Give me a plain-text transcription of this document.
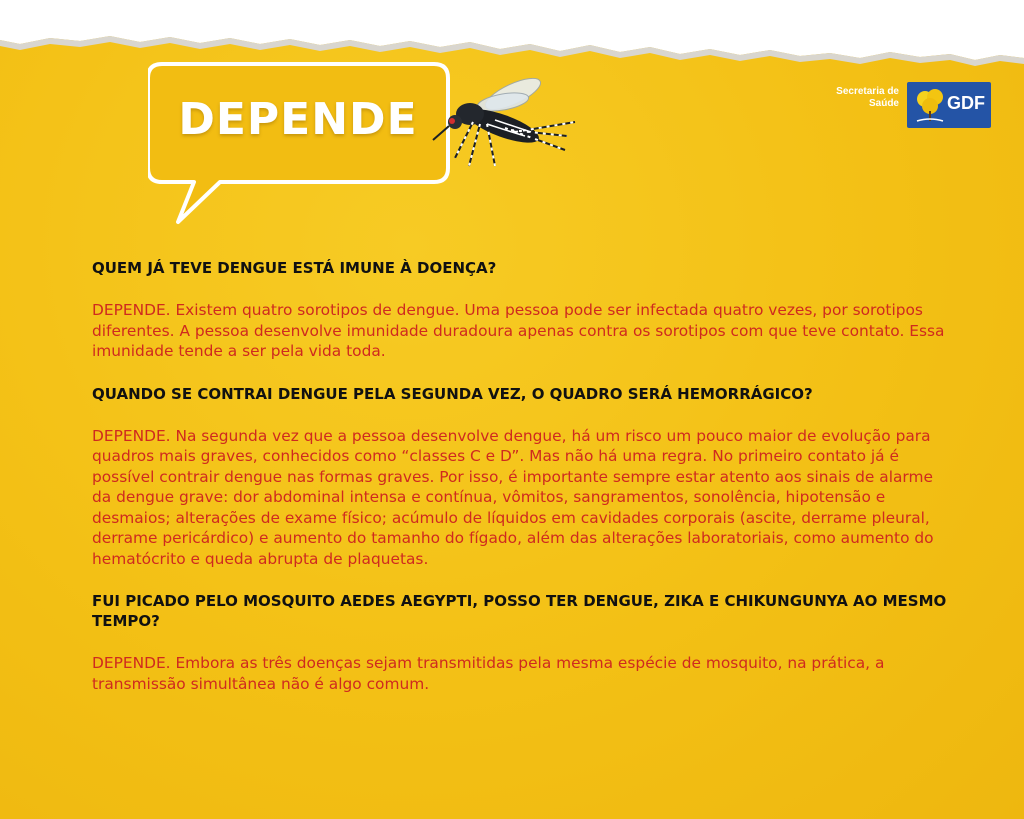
DEPENDE
Secretaria de Saúde	GDF

QUEM JÁ TEVE DENGUE ESTÁ IMUNE À DOENÇA?

DEPENDE. Existem quatro sorotipos de dengue. Uma pessoa pode ser infectada quatro vezes, por sorotipos diferentes. A pessoa desenvolve imunidade duradoura apenas contra os sorotipos com que teve contato. Essa imunidade tende a ser pela vida toda.

QUANDO SE CONTRAI DENGUE PELA SEGUNDA VEZ, O QUADRO SERÁ HEMORRÁGICO?

DEPENDE. Na segunda vez que a pessoa desenvolve dengue, há um risco um pouco maior de evolução para quadros mais graves, conhecidos como “classes C e D”. Mas não há uma regra. No primeiro contato já é possível contrair dengue nas formas graves. Por isso, é importante sempre estar atento aos sinais de alarme da dengue grave: dor abdominal intensa e contínua, vômitos, sangramentos, sonolência, hipotensão e desmaios; alterações de exame físico; acúmulo de líquidos em cavidades corporais (ascite, derrame pleural, derrame pericárdico) e aumento do tamanho do fígado, além das alterações laboratoriais, como aumento do hematócrito e queda abrupta de plaquetas.

FUI PICADO PELO MOSQUITO AEDES AEGYPTI, POSSO TER DENGUE, ZIKA E CHIKUNGUNYA AO MESMO TEMPO?

DEPENDE. Embora as três doenças sejam transmitidas pela mesma espécie de mosquito, na prática, a transmissão simultânea não é algo comum.
